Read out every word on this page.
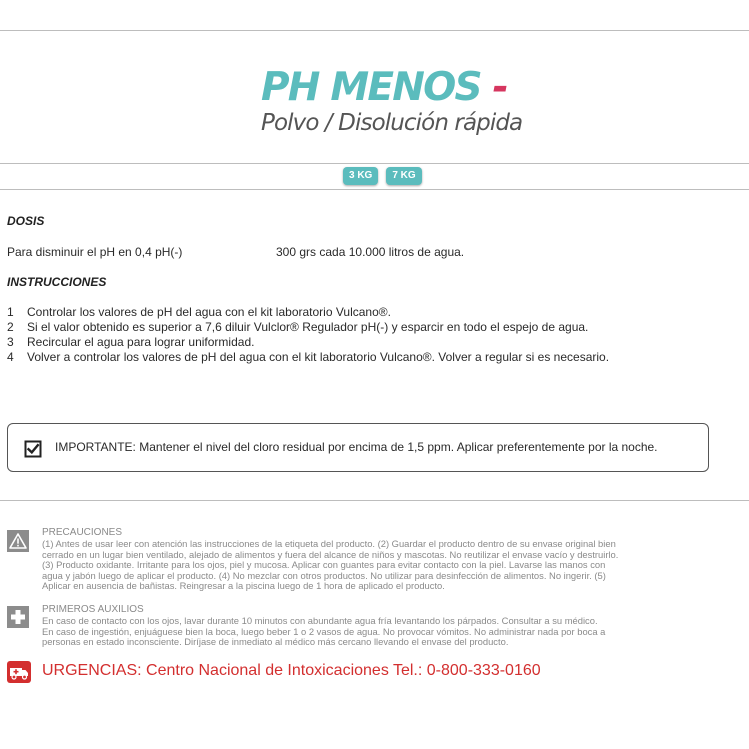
PH MENOS -
Polvo / Disolución rápida
3 KG	7 KG
DOSIS
Para disminuir el pH en 0,4 pH(-)	300 grs cada 10.000 litros de agua.
INSTRUCCIONES
1 Controlar los valores de pH del agua con el kit laboratorio Vulcano®.
2 Si el valor obtenido es superior a 7,6 diluir Vulclor® Regulador pH(-) y esparcir en todo el espejo de agua.
3 Recircular el agua para lograr uniformidad.
4 Volver a controlar los valores de pH del agua con el kit laboratorio Vulcano®. Volver a regular si es necesario.
IMPORTANTE: Mantener el nivel del cloro residual por encima de 1,5 ppm. Aplicar preferentemente por la noche.
PRECAUCIONES
(1) Antes de usar leer con atención las instrucciones de la etiqueta del producto. (2) Guardar el producto dentro de su envase original bien
cerrado en un lugar bien ventilado, alejado de alimentos y fuera del alcance de niños y mascotas. No reutilizar el envase vacío y destruirlo.
(3) Producto oxidante. Irritante para los ojos, piel y mucosa. Aplicar con guantes para evitar contacto con la piel. Lavarse las manos con
agua y jabón luego de aplicar el producto. (4) No mezclar con otros productos. No utilizar para desinfección de alimentos. No ingerir. (5)
Aplicar en ausencia de bañistas. Reingresar a la piscina luego de 1 hora de aplicado el producto.
PRIMEROS AUXILIOS
En caso de contacto con los ojos, lavar durante 10 minutos con abundante agua fría levantando los párpados. Consultar a su médico.
En caso de ingestión, enjuáguese bien la boca, luego beber 1 o 2 vasos de agua. No provocar vómitos. No administrar nada por boca a
personas en estado inconsciente. Diríjase de inmediato al médico más cercano llevando el envase del producto.
URGENCIAS: Centro Nacional de Intoxicaciones Tel.: 0-800-333-0160
